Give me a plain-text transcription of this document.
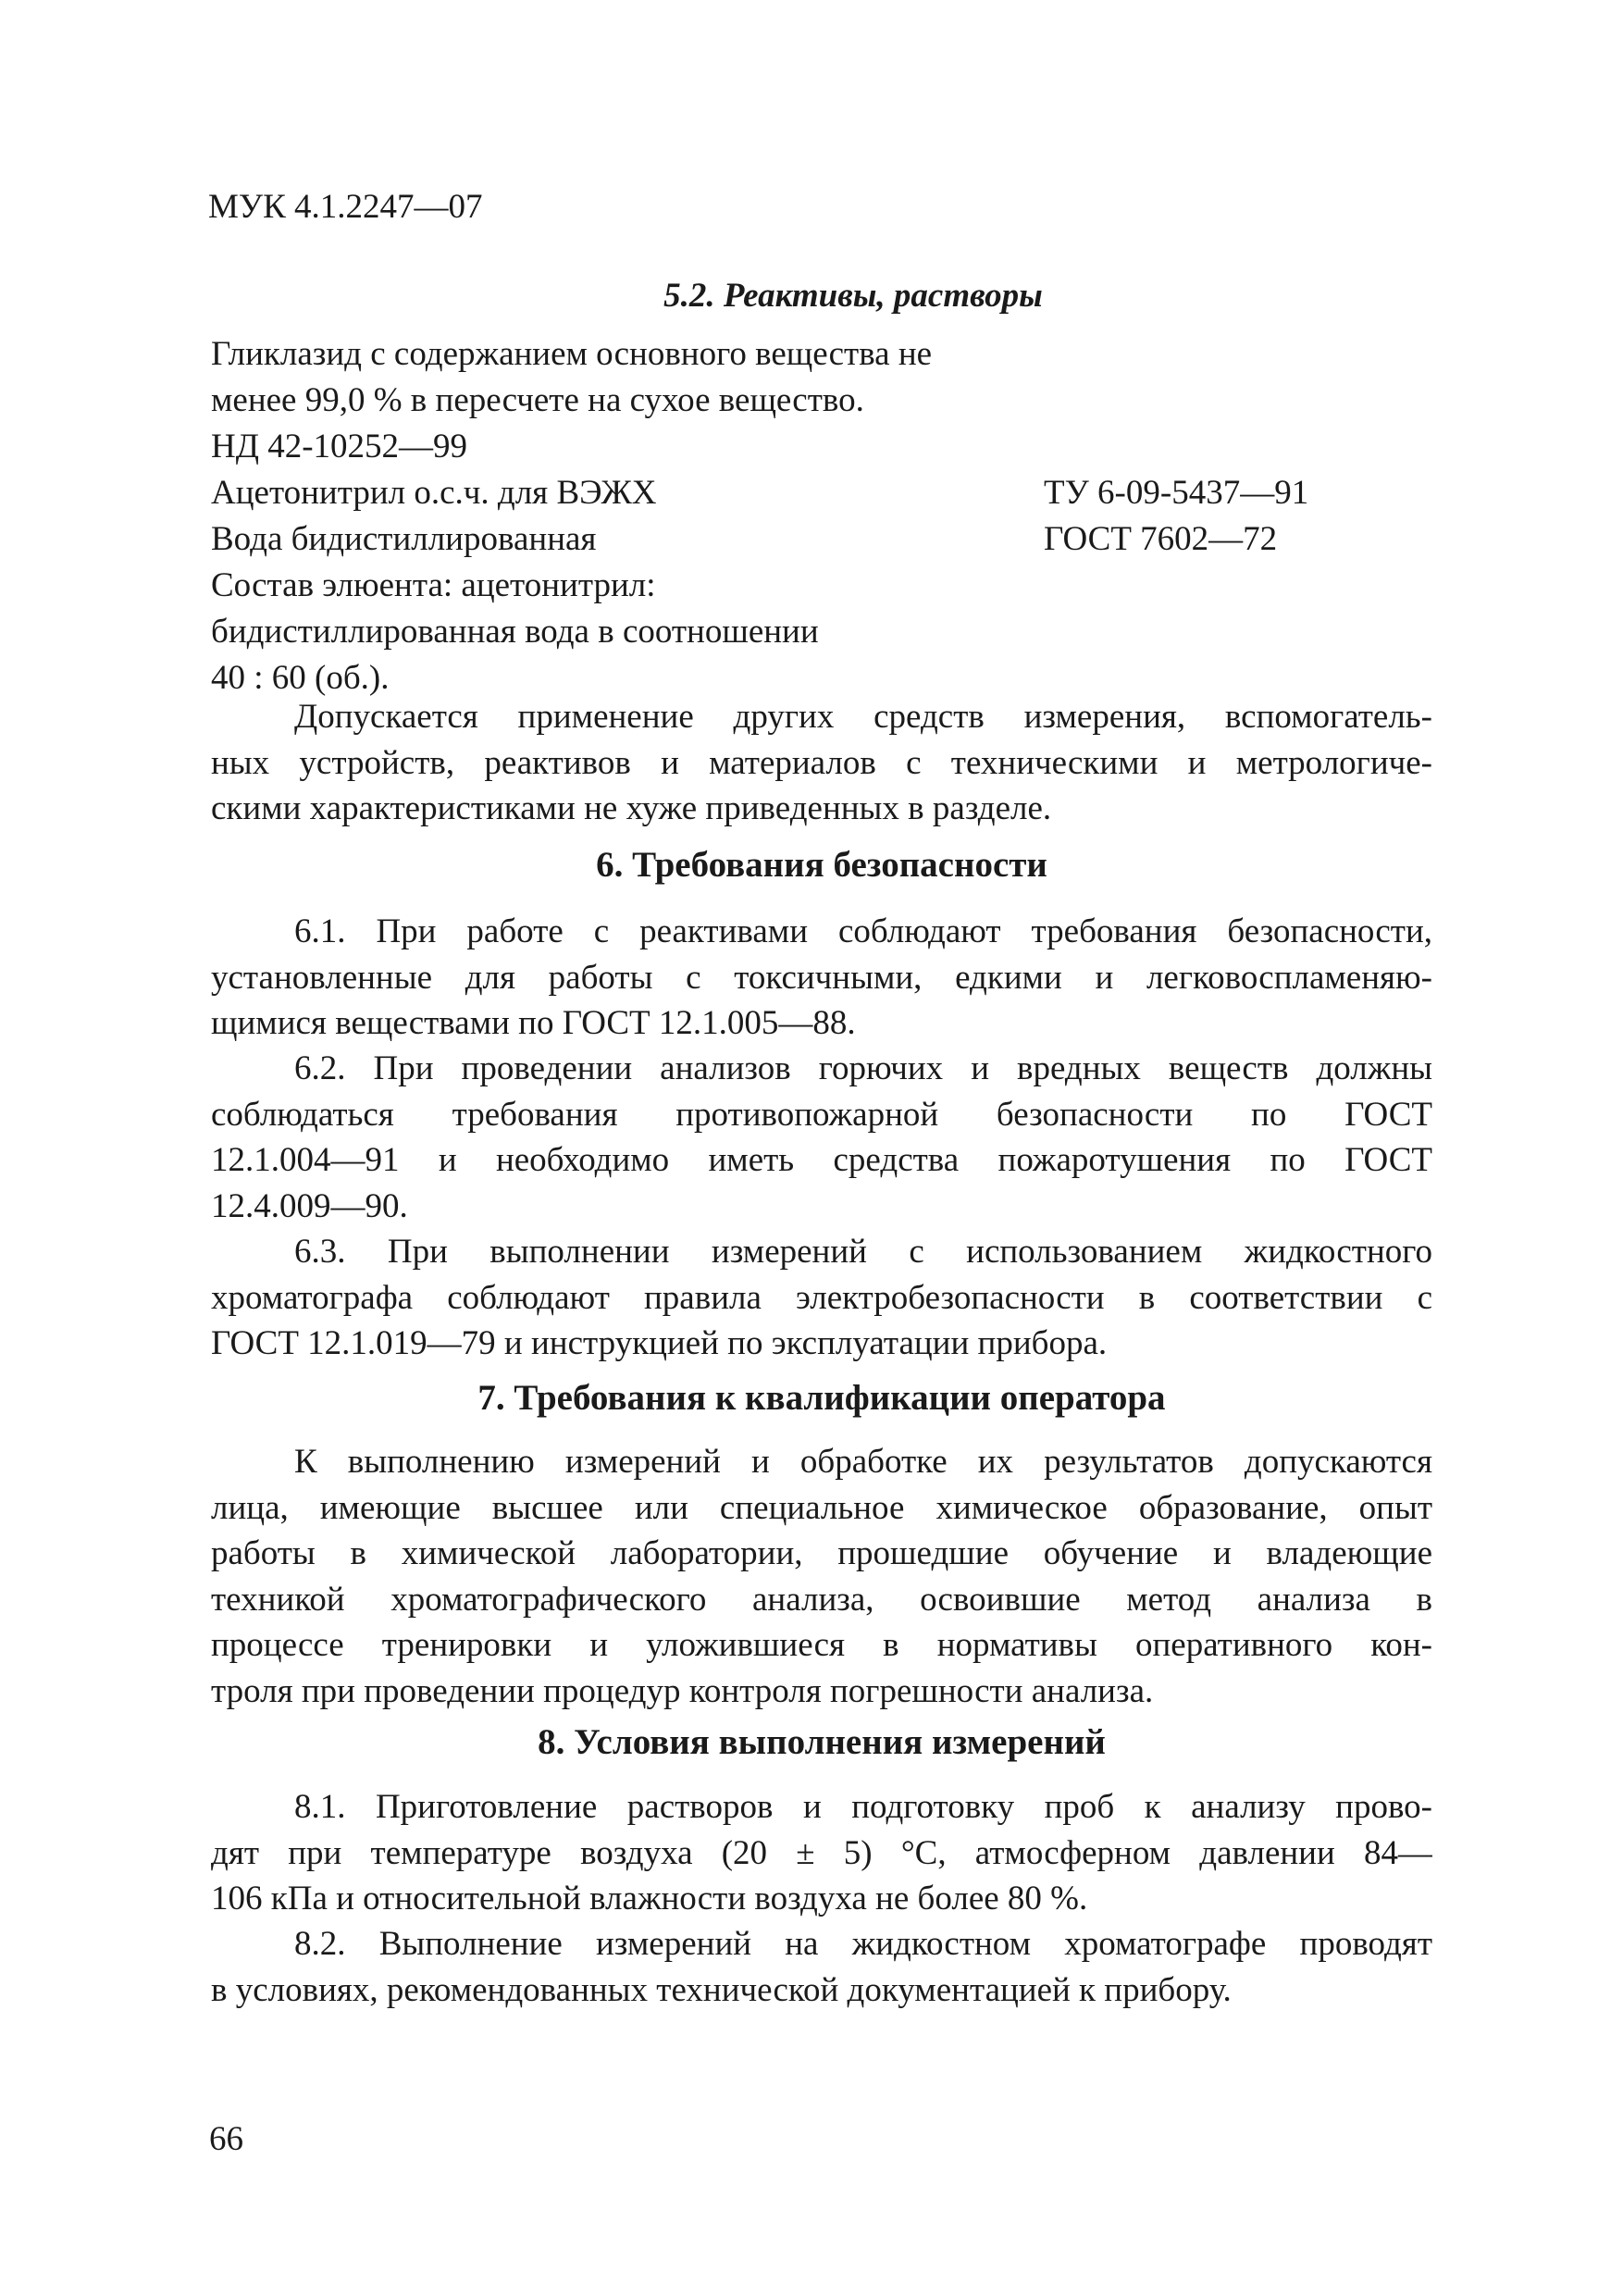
МУК 4.1.2247—07
5.2. Реактивы, растворы
Гликлазид с содержанием основного вещества не
менее 99,0 % в пересчете на сухое вещество.
НД 42-10252—99
Ацетонитрил о.с.ч. для ВЭЖХ	ТУ 6-09-5437—91
Вода бидистиллированная	ГОСТ 7602—72
Состав элюента: ацетонитрил:
бидистиллированная вода в соотношении
40 : 60 (об.).
Допускается применение других средств измерения, вспомогатель-
ных устройств, реактивов и материалов с техническими и метрологиче-
скими характеристиками не хуже приведенных в разделе.
6. Требования безопасности
6.1. При работе с реактивами соблюдают требования безопасности,
установленные для работы с токсичными, едкими и легковоспламеняю-
щимися веществами по ГОСТ 12.1.005—88.
6.2. При проведении анализов горючих и вредных веществ должны
соблюдаться требования противопожарной безопасности по ГОСТ
12.1.004—91 и необходимо иметь средства пожаротушения по ГОСТ
12.4.009—90.
6.3. При выполнении измерений с использованием жидкостного
хроматографа соблюдают правила электробезопасности в соответствии с
ГОСТ 12.1.019—79 и инструкцией по эксплуатации прибора.
7. Требования к квалификации оператора
К выполнению измерений и обработке их результатов допускаются
лица, имеющие высшее или специальное химическое образование, опыт
работы в химической лаборатории, прошедшие обучение и владеющие
техникой хроматографического анализа, освоившие метод анализа в
процессе тренировки и уложившиеся в нормативы оперативного кон-
троля при проведении процедур контроля погрешности анализа.
8. Условия выполнения измерений
8.1. Приготовление растворов и подготовку проб к анализу прово-
дят при температуре воздуха (20 ± 5) °С, атмосферном давлении 84—
106 кПа и относительной влажности воздуха не более 80 %.
8.2. Выполнение измерений на жидкостном хроматографе проводят
в условиях, рекомендованных технической документацией к прибору.
66
